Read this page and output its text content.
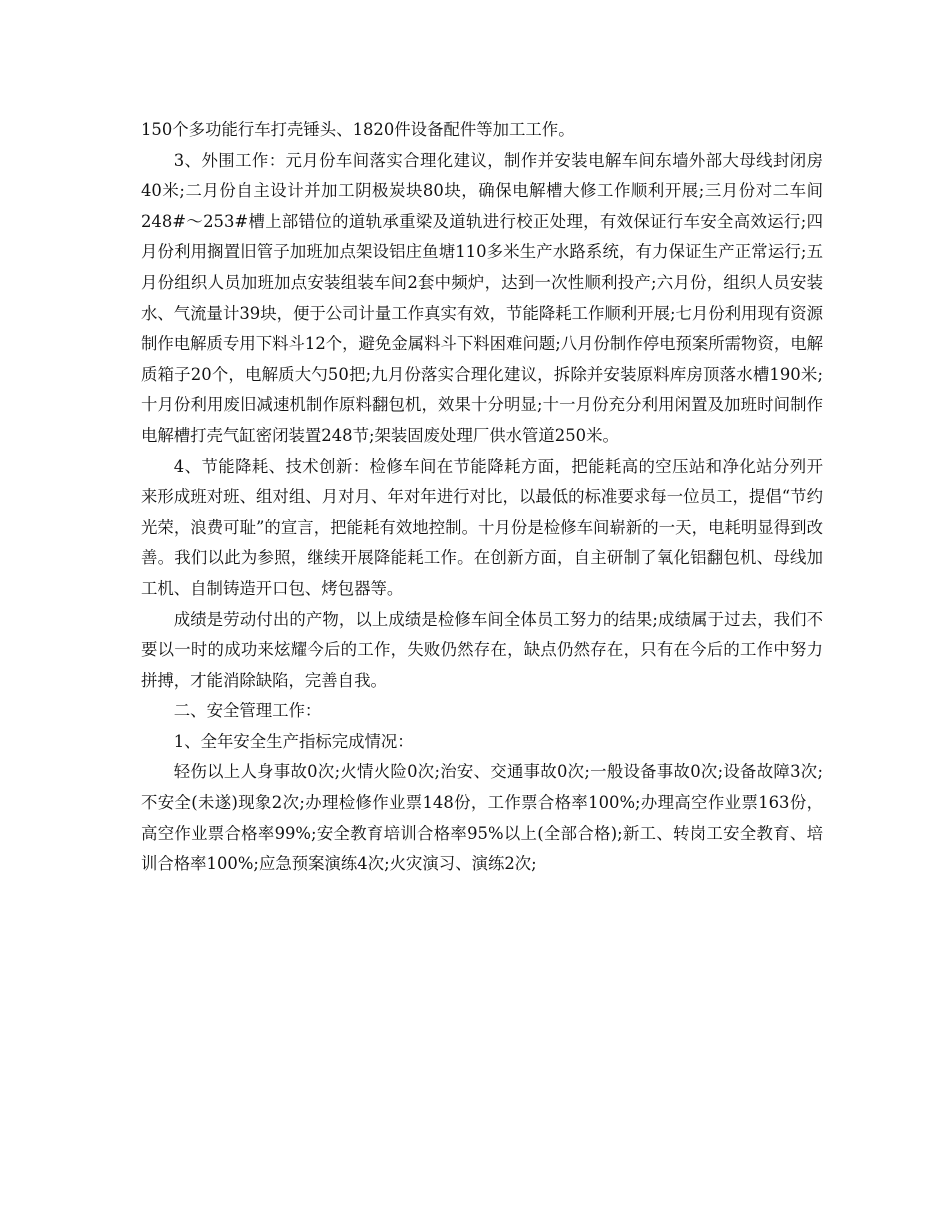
150个多功能行车打壳锤头、1820件设备配件等加工工作。

3、外围工作：元月份车间落实合理化建议，制作并安装电解车间东墙外部大母线封闭房40米;二月份自主设计并加工阴极炭块80块，确保电解槽大修工作顺利开展;三月份对二车间248#～253#槽上部错位的道轨承重梁及道轨进行校正处理，有效保证行车安全高效运行;四月份利用搁置旧管子加班加点架设铝庄鱼塘110多米生产水路系统，有力保证生产正常运行;五月份组织人员加班加点安装组装车间2套中频炉，达到一次性顺利投产;六月份，组织人员安装水、气流量计39块，便于公司计量工作真实有效，节能降耗工作顺利开展;七月份利用现有资源制作电解质专用下料斗12个，避免金属料斗下料困难问题;八月份制作停电预案所需物资，电解质箱子20个，电解质大勺50把;九月份落实合理化建议，拆除并安装原料库房顶落水槽190米;十月份利用废旧减速机制作原料翻包机，效果十分明显;十一月份充分利用闲置及加班时间制作电解槽打壳气缸密闭装置248节;架装固废处理厂供水管道250米。

4、节能降耗、技术创新：检修车间在节能降耗方面，把能耗高的空压站和净化站分列开来形成班对班、组对组、月对月、年对年进行对比，以最低的标准要求每一位员工，提倡“节约光荣，浪费可耻”的宣言，把能耗有效地控制。十月份是检修车间崭新的一天，电耗明显得到改善。我们以此为参照，继续开展降能耗工作。在创新方面，自主研制了氧化铝翻包机、母线加工机、自制铸造开口包、烤包器等。

成绩是劳动付出的产物，以上成绩是检修车间全体员工努力的结果;成绩属于过去，我们不要以一时的成功来炫耀今后的工作，失败仍然存在，缺点仍然存在，只有在今后的工作中努力拼搏，才能消除缺陷，完善自我。

二、安全管理工作：

1、全年安全生产指标完成情况：

轻伤以上人身事故0次;火情火险0次;治安、交通事故0次;一般设备事故0次;设备故障3次;不安全(未遂)现象2次;办理检修作业票148份，工作票合格率100%;办理高空作业票163份，高空作业票合格率99%;安全教育培训合格率95%以上(全部合格);新工、转岗工安全教育、培训合格率100%;应急预案演练4次;火灾演习、演练2次;
